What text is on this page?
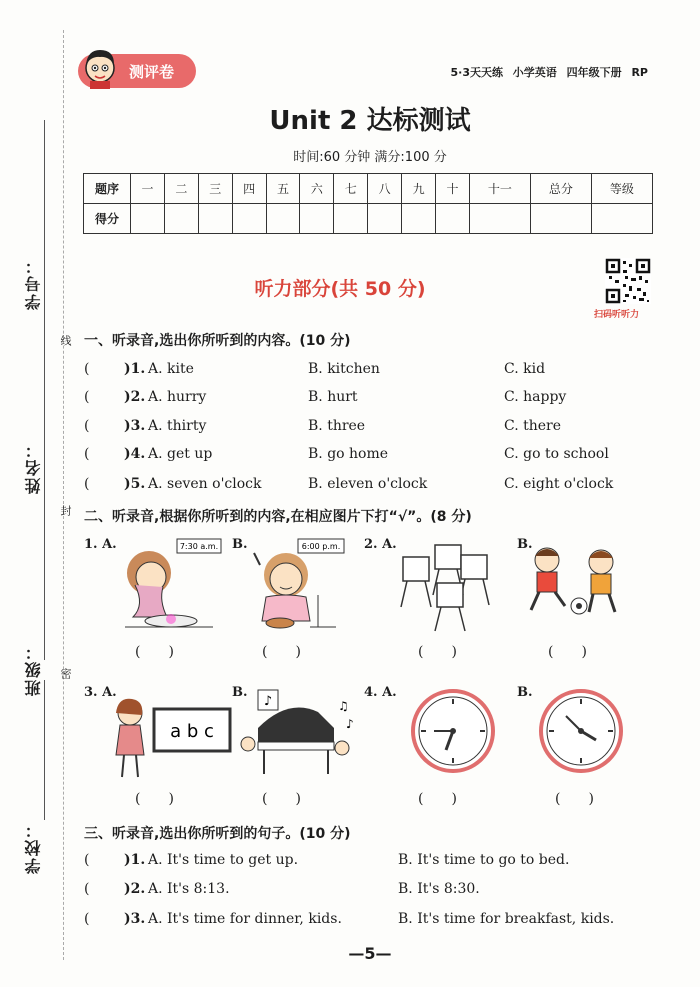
学号：
姓名：
班级：
学校：
线
封
密
测评卷	5·3天天练 小学英语 四年级下册 RP
Unit 2 达标测试
时间:60 分钟 满分:100 分
题序	一	二	三	四	五	六	七	八	九	十	十一	总分	等级
得分													
听力部分(共 50 分)
扫码听听力
一、听录音,选出你所听到的内容。(10 分)
( )1. A. kite	B. kitchen	C. kid
( )2. A. hurry	B. hurt	C. happy
( )3. A. thirty	B. three	C. there
( )4. A. get up	B. go home	C. go to school
( )5. A. seven o'clock	B. eleven o'clock	C. eight o'clock
二、听录音,根据你所听到的内容,在相应图片下打“√”。(8 分)
1. A.	B.	2. A.	B.
7:30 a.m.	6:00 p.m.
(　　)	(　　)	(　　)	(　　)
3. A.	B.	4. A.	B.
a b c
♪	♫
♪
(　　)	(　　)	(　　)	(　　)
三、听录音,选出你所听到的句子。(10 分)
( )1. A. It's time to get up.	B. It's time to go to bed.
( )2. A. It's 8:13.	B. It's 8:30.
( )3. A. It's time for dinner, kids.	B. It's time for breakfast, kids.
—5—
